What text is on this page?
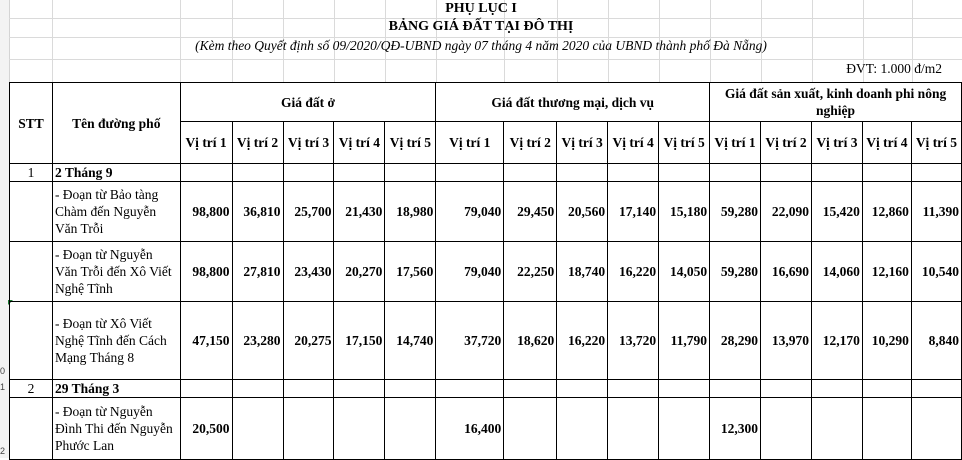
0
1
2
PHỤ LỤC I
BẢNG GIÁ ĐẤT TẠI ĐÔ THỊ
(Kèm theo Quyết định số 09/2020/QĐ-UBND ngày 07 tháng 4 năm 2020 của UBND thành phố Đà Nẵng)
ĐVT: 1.000 đ/m2
STT	Tên đường phố	Giá đất ở					Giá đất thương mại, dịch vụ					Giá đất sản xuất, kinh doanh phi nông nghiệp				
		Vị trí 1	Vị trí 2	Vị trí 3	Vị trí 4	Vị trí 5	Vị trí 1	Vị trí 2	Vị trí 3	Vị trí 4	Vị trí 5	Vị trí 1	Vị trí 2	Vị trí 3	Vị trí 4	Vị trí 5
1	2 Tháng 9															
	- Đoạn từ Bảo tàng Chàm đến Nguyễn Văn Trỗi	98,800	36,810	25,700	21,430	18,980	79,040	29,450	20,560	17,140	15,180	59,280	22,090	15,420	12,860	11,390
	- Đoạn từ Nguyễn Văn Trỗi đến Xô Viết Nghệ Tĩnh	98,800	27,810	23,430	20,270	17,560	79,040	22,250	18,740	16,220	14,050	59,280	16,690	14,060	12,160	10,540
	- Đoạn từ Xô Viết Nghệ Tĩnh đến Cách Mạng Tháng 8	47,150	23,280	20,275	17,150	14,740	37,720	18,620	16,220	13,720	11,790	28,290	13,970	12,170	10,290	8,840
2	29 Tháng 3															
	- Đoạn từ Nguyễn Đình Thi đến Nguyễn Phước Lan	20,500					16,400					12,300				
